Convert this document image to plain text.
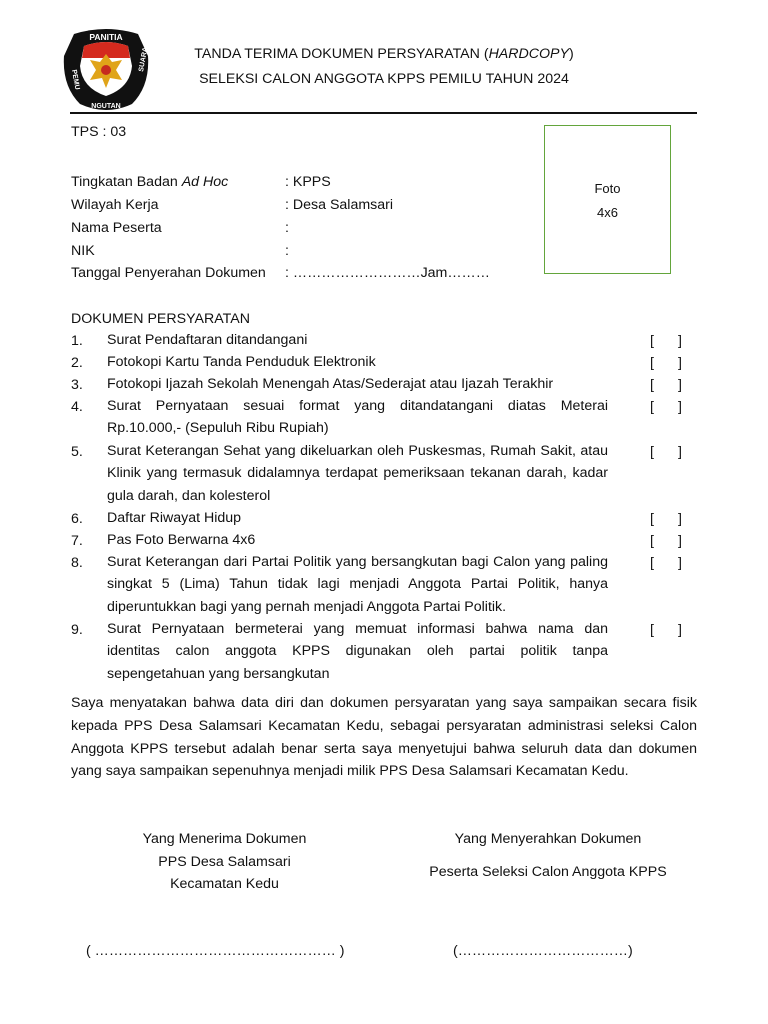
PANITIA
PEMU
NGUTAN
SUARA	TANDA TERIMA DOKUMEN PERSYARATAN (HARDCOPY)
SELEKSI CALON ANGGOTA KPPS PEMILU TAHUN 2024
Foto
4x6
TPS : 03
Tingkatan Badan Ad Hoc	: KPPS
Wilayah Kerja	: Desa Salamsari
Nama Peserta	:
NIK	:
Tanggal Penyerahan Dokumen : ………………………Jam………
DOKUMEN PERSYARATAN
1. Surat Pendaftaran ditandangani	[ ]
2. Fotokopi Kartu Tanda Penduduk Elektronik	[ ]
3. Fotokopi Ijazah Sekolah Menengah Atas/Sederajat atau Ijazah Terakhir	[ ]
4. Surat Pernyataan sesuai format yang ditandatangani diatas Meterai Rp.10.000,- (Sepuluh Ribu Rupiah)
[ ]
5. Surat Keterangan Sehat yang dikeluarkan oleh Puskesmas, Rumah Sakit, atau Klinik yang termasuk didalamnya terdapat pemeriksaan tekanan darah, kadar gula darah, dan kolesterol
[ ]
6. Daftar Riwayat Hidup	[ ]
7. Pas Foto Berwarna 4x6	[ ]
8. Surat Keterangan dari Partai Politik yang bersangkutan bagi Calon yang paling singkat 5 (Lima) Tahun tidak lagi menjadi Anggota Partai Politik, hanya diperuntukkan bagi yang pernah menjadi Anggota Partai Politik.
[ ]
9. Surat Pernyataan bermeterai yang memuat informasi bahwa nama dan identitas calon anggota KPPS digunakan oleh partai politik tanpa sepengetahuan yang bersangkutan
[ ]
Saya menyatakan bahwa data diri dan dokumen persyaratan yang saya sampaikan secara fisik kepada PPS Desa Salamsari Kecamatan Kedu, sebagai persyaratan administrasi seleksi Calon Anggota KPPS tersebut adalah benar serta saya menyetujui bahwa seluruh data dan dokumen yang saya sampaikan sepenuhnya menjadi milik PPS Desa Salamsari Kecamatan Kedu.
Yang Menerima Dokumen
PPS Desa Salamsari
Kecamatan Kedu
Yang Menyerahkan Dokumen
Peserta Seleksi Calon Anggota KPPS
( …………………………………………… )	(………………………………)
